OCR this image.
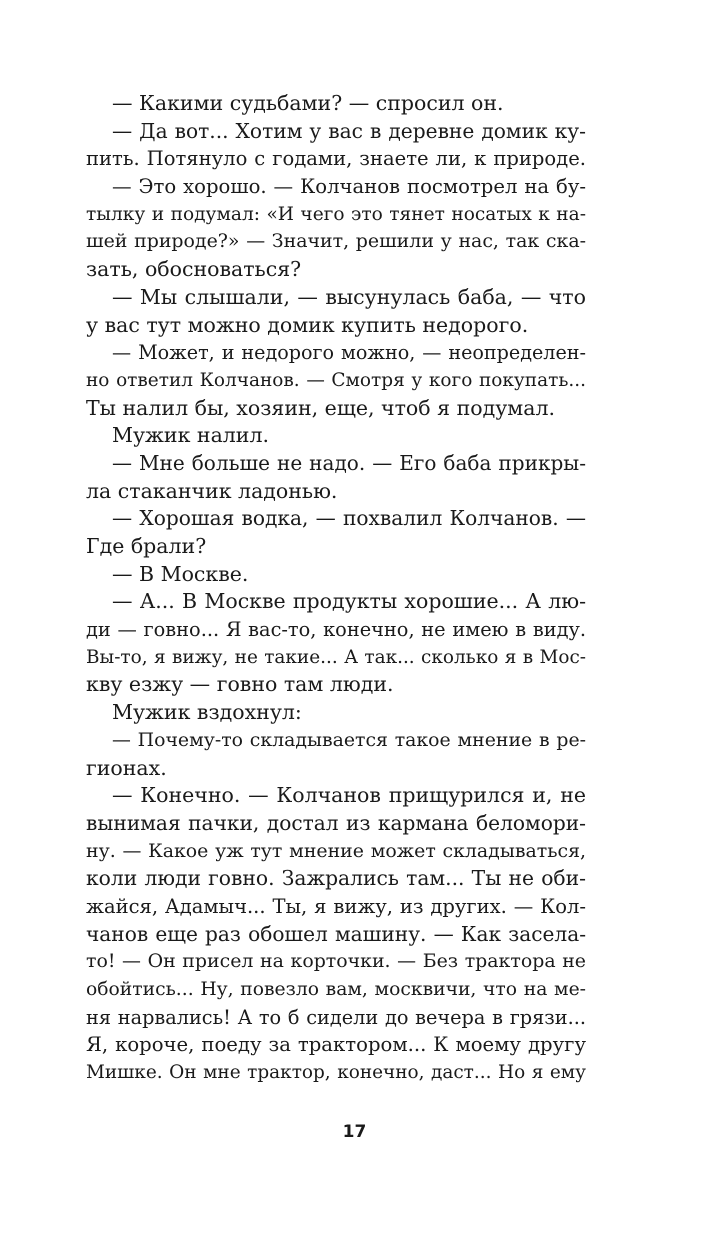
— Какими судьбами? — спросил он.
— Да вот... Хотим у вас в деревне домик ку-
пить. Потянуло с годами, знаете ли, к природе.
— Это хорошо. — Колчанов посмотрел на бу-
тылку и подумал: «И чего это тянет носатых к на-
шей природе?» — Значит, решили у нас, так ска-
зать, обосноваться?
— Мы слышали, — высунулась баба, — что
у вас тут можно домик купить недорого.
— Может, и недорого можно, — неопределен-
но ответил Колчанов. — Смотря у кого покупать...
Ты налил бы, хозяин, еще, чтоб я подумал.
Мужик налил.
— Мне больше не надо. — Его баба прикры-
ла стаканчик ладонью.
— Хорошая водка, — похвалил Колчанов. —
Где брали?
— В Москве.
— А... В Москве продукты хорошие... А лю-
ди — говно... Я вас-то, конечно, не имею в виду.
Вы-то, я вижу, не такие... А так... сколько я в Мос-
кву езжу — говно там люди.
Мужик вздохнул:
— Почему-то складывается такое мнение в ре-
гионах.
— Конечно. — Колчанов прищурился и, не
вынимая пачки, достал из кармана беломори-
ну. — Какое уж тут мнение может складываться,
коли люди говно. Зажрались там... Ты не оби-
жайся, Адамыч... Ты, я вижу, из других. — Кол-
чанов еще раз обошел машину. — Как засела-
то! — Он присел на корточки. — Без трактора не
обойтись... Ну, повезло вам, москвичи, что на ме-
ня нарвались! А то б сидели до вечера в грязи...
Я, короче, поеду за трактором... К моему другу
Мишке. Он мне трактор, конечно, даст... Но я ему
17
